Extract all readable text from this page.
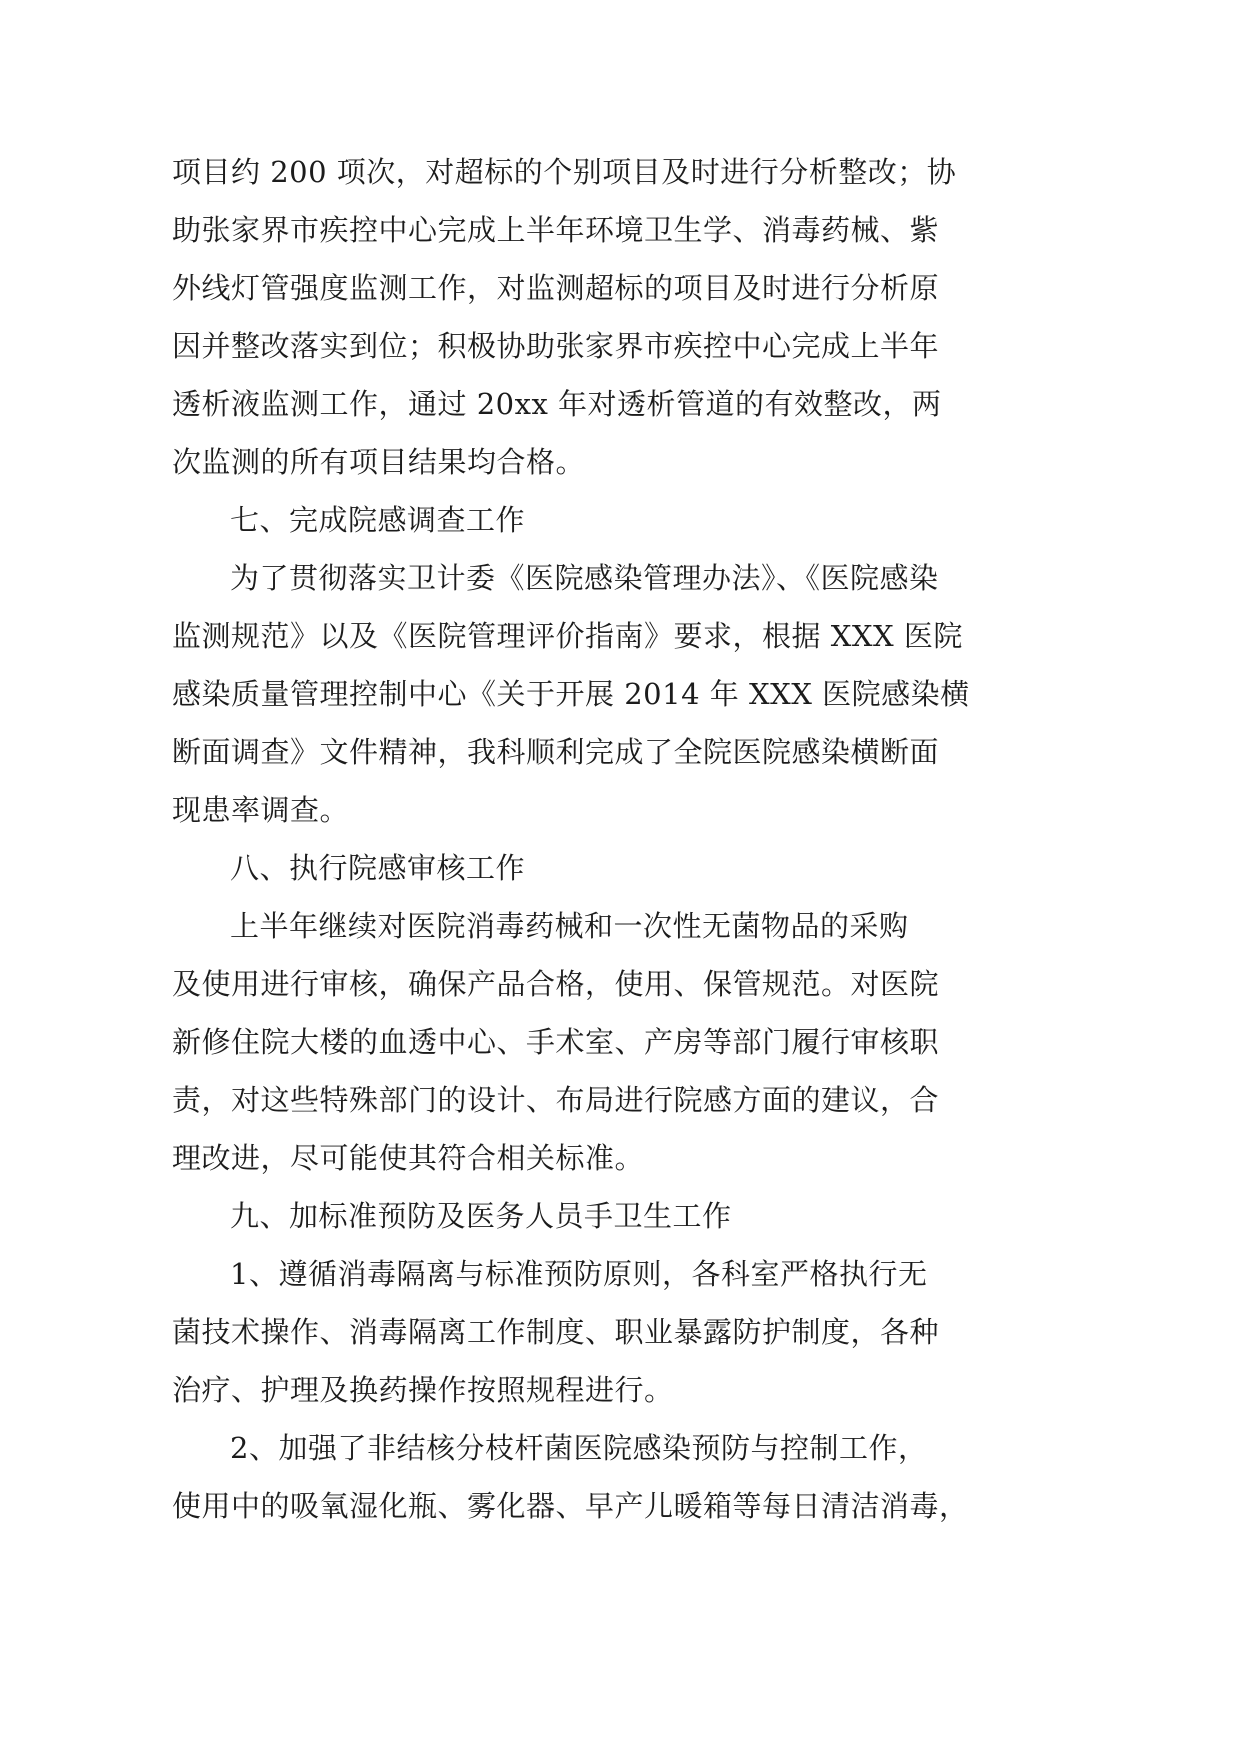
项目约 200 项次，对超标的个别项目及时进行分析整改；协
助张家界市疾控中心完成上半年环境卫生学、消毒药械、紫
外线灯管强度监测工作，对监测超标的项目及时进行分析原
因并整改落实到位；积极协助张家界市疾控中心完成上半年
透析液监测工作，通过 20xx 年对透析管道的有效整改，两
次监测的所有项目结果均合格。
七、完成院感调查工作
为了贯彻落实卫计委《医院感染管理办法》、《医院感染
监测规范》以及《医院管理评价指南》要求，根据 XXX 医院
感染质量管理控制中心《关于开展 2014 年 XXX 医院感染横
断面调查》文件精神，我科顺利完成了全院医院感染横断面
现患率调查。
八、执行院感审核工作
上半年继续对医院消毒药械和一次性无菌物品的采购
及使用进行审核，确保产品合格，使用、保管规范。对医院
新修住院大楼的血透中心、手术室、产房等部门履行审核职
责，对这些特殊部门的设计、布局进行院感方面的建议，合
理改进，尽可能使其符合相关标准。
九、加标准预防及医务人员手卫生工作
1、遵循消毒隔离与标准预防原则，各科室严格执行无
菌技术操作、消毒隔离工作制度、职业暴露防护制度，各种
治疗、护理及换药操作按照规程进行。
2、加强了非结核分枝杆菌医院感染预防与控制工作，
使用中的吸氧湿化瓶、雾化器、早产儿暖箱等每日清洁消毒，
